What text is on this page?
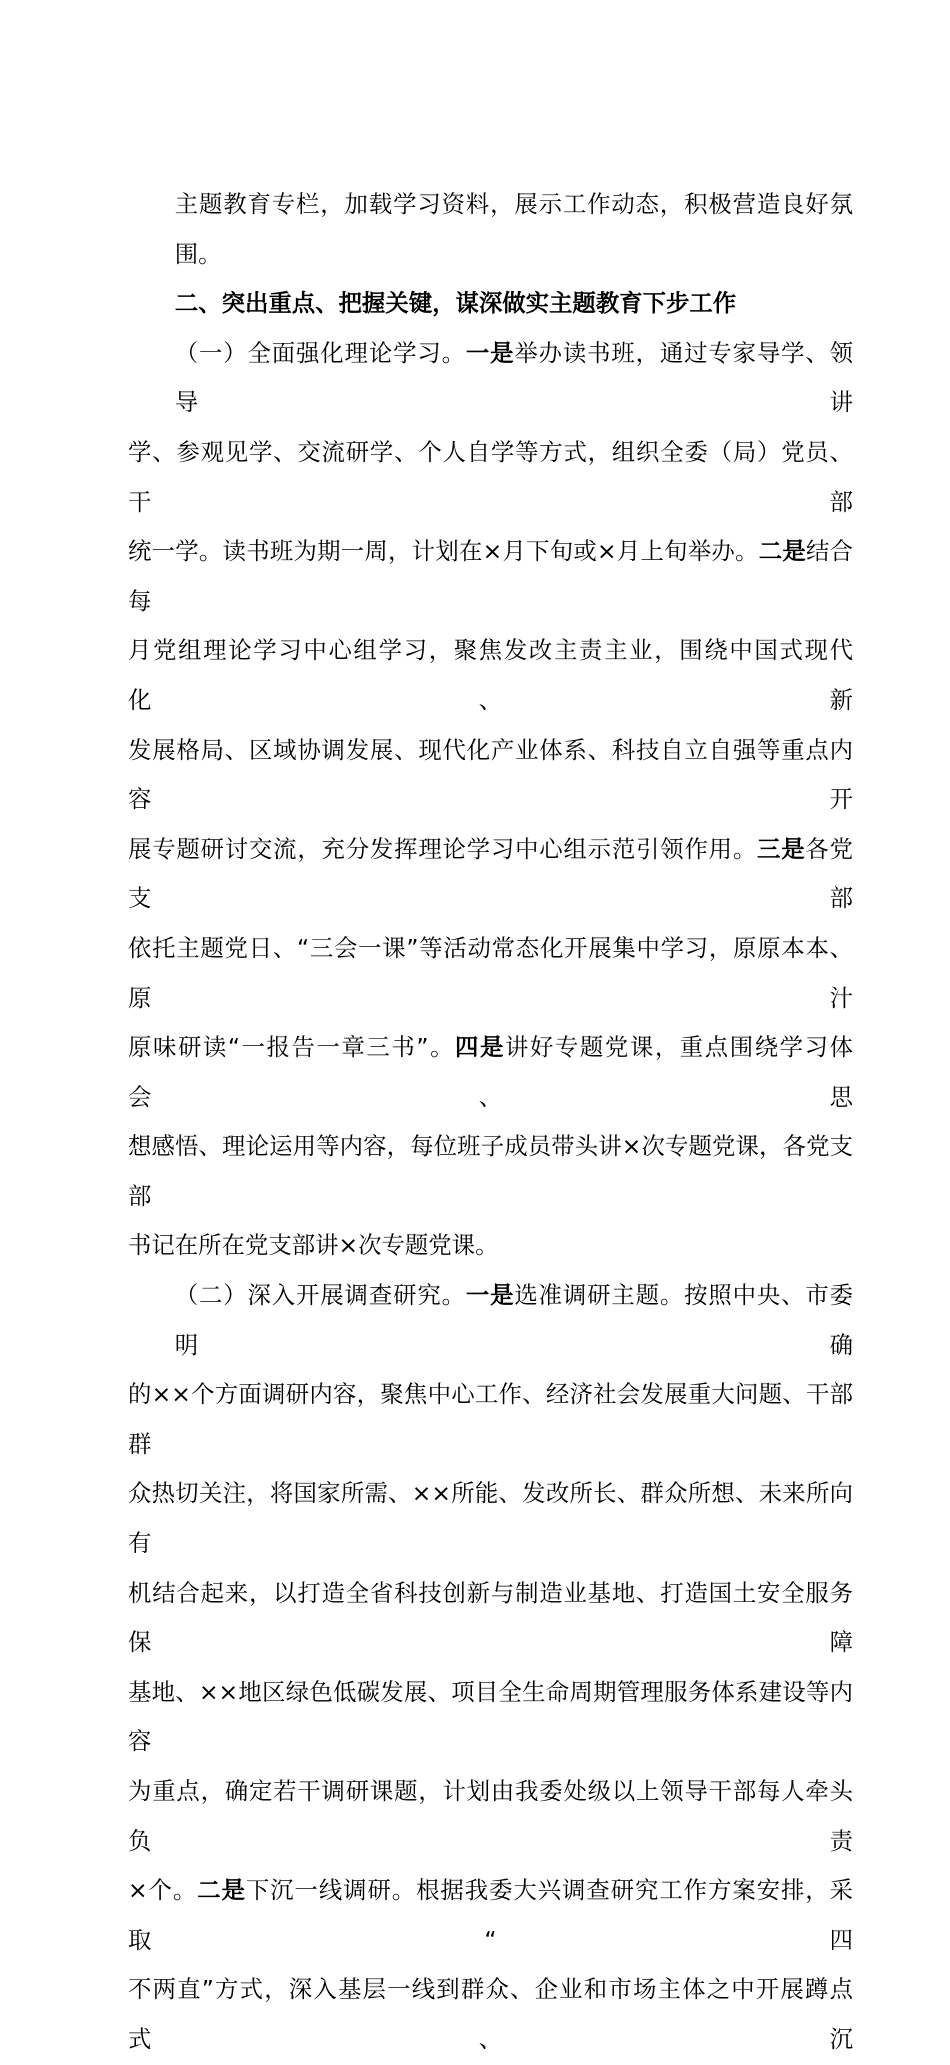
主题教育专栏，加载学习资料，展示工作动态，积极营造良好氛围。

二、突出重点、把握关键，谋深做实主题教育下步工作

（一）全面强化理论学习。一是举办读书班，通过专家导学、领导讲

学、参观见学、交流研学、个人自学等方式，组织全委（局）党员、干部

统一学。读书班为期一周，计划在×月下旬或×月上旬举办。二是结合每

月党组理论学习中心组学习，聚焦发改主责主业，围绕中国式现代化、新

发展格局、区域协调发展、现代化产业体系、科技自立自强等重点内容开

展专题研讨交流，充分发挥理论学习中心组示范引领作用。三是各党支部

依托主题党日、“三会一课”等活动常态化开展集中学习，原原本本、原汁

原味研读“一报告一章三书”。四是讲好专题党课，重点围绕学习体会、思

想感悟、理论运用等内容，每位班子成员带头讲×次专题党课，各党支部

书记在所在党支部讲×次专题党课。

（二）深入开展调查研究。一是选准调研主题。按照中央、市委明确

的××个方面调研内容，聚焦中心工作、经济社会发展重大问题、干部群

众热切关注，将国家所需、××所能、发改所长、群众所想、未来所向有

机结合起来，以打造全省科技创新与制造业基地、打造国土安全服务保障

基地、××地区绿色低碳发展、项目全生命周期管理服务体系建设等内容

为重点，确定若干调研课题，计划由我委处级以上领导干部每人牵头负责

×个。二是下沉一线调研。根据我委大兴调查研究工作方案安排，采取“四

不两直”方式，深入基层一线到群众、企业和市场主体之中开展蹲点式、沉
